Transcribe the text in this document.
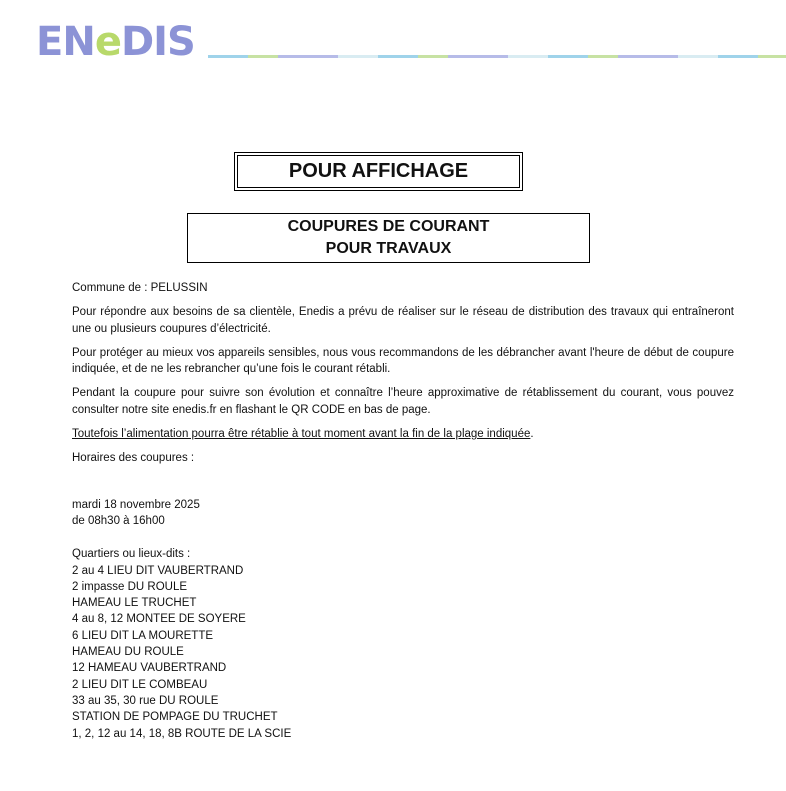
ENeDIS
POUR AFFICHAGE
COUPURES DE COURANT
POUR TRAVAUX

Commune de : PELUSSIN

Pour répondre aux besoins de sa clientèle, Enedis a prévu de réaliser sur le réseau de distribution des travaux qui entraîneront une ou plusieurs coupures d’électricité.

Pour protéger au mieux vos appareils sensibles, nous vous recommandons de les débrancher avant l'heure de début de coupure indiquée, et de ne les rebrancher qu’une fois le courant rétabli.

Pendant la coupure pour suivre son évolution et connaître l’heure approximative de rétablissement du courant, vous pouvez consulter notre site enedis.fr en flashant le QR CODE en bas de page.

Toutefois l’alimentation pourra être rétablie à tout moment avant la fin de la plage indiquée.

Horaires des coupures :

mardi 18 novembre 2025
de 08h30 à 16h00
Quartiers ou lieux-dits :
2 au 4 LIEU DIT VAUBERTRAND
2 impasse DU ROULE
HAMEAU LE TRUCHET
4 au 8, 12 MONTEE DE SOYERE
6 LIEU DIT LA MOURETTE
HAMEAU DU ROULE
12 HAMEAU VAUBERTRAND
2 LIEU DIT LE COMBEAU
33 au 35, 30 rue DU ROULE
STATION DE POMPAGE DU TRUCHET
1, 2, 12 au 14, 18, 8B ROUTE DE LA SCIE
